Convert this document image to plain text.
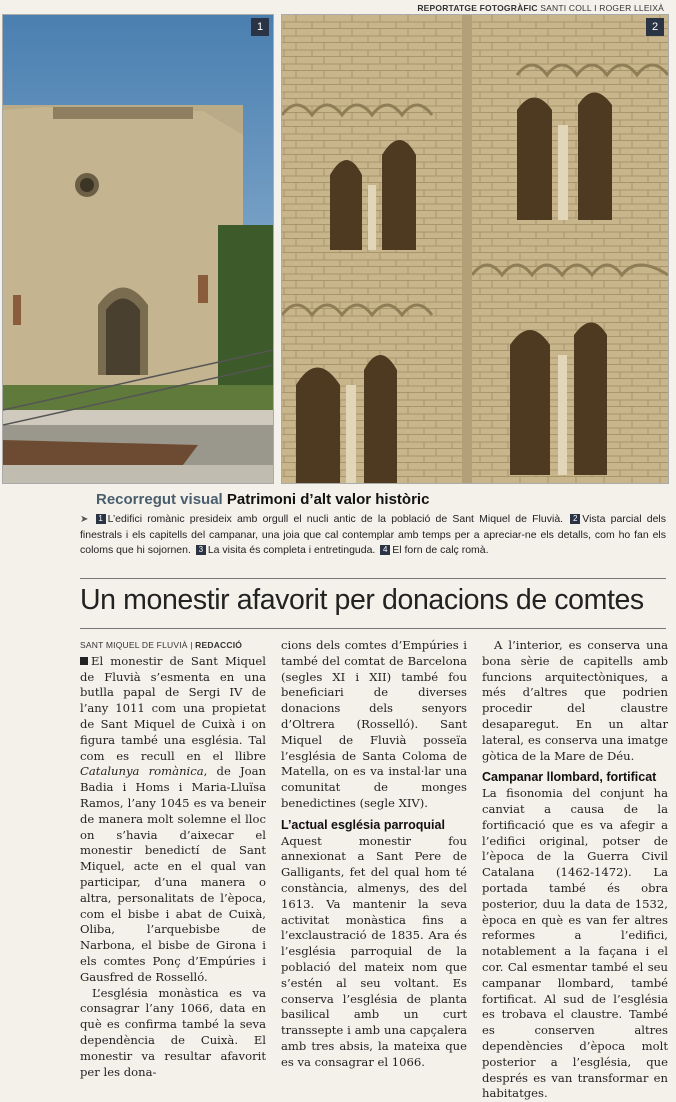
REPORTATGE FOTOGRÀFIC SANTI COLL I ROGER LLEIXÀ
1	2
Recorregut visual Patrimoni d’alt valor històric
➤ 1 L’edifici romànic presideix amb orgull el nucli antic de la població de Sant Miquel de Fluvià. 2 Vista parcial dels finestrals i els capitells del campanar, una joia que cal contemplar amb temps per a apreciar-ne els detalls, com ho fan els coloms que hi sojornen. 3 La visita és completa i entretinguda. 4 El forn de calç romà.
Un monestir afavorit per donacions de comtes
SANT MIQUEL DE FLUVIÀ | REDACCIÓ

El monestir de Sant Miquel de Fluvià s’esmenta en una butlla papal de Sergi IV de l’any 1011 com una propietat de Sant Miquel de Cuixà i on figura també una església. Tal com es recull en el llibre Catalunya romànica, de Joan Badia i Homs i Maria-Lluïsa Ramos, l’any 1045 es va beneir de manera molt solemne el lloc on s’havia d’aixecar el monestir benedictí de Sant Miquel, acte en el qual van participar, d’una manera o altra, personalitats de l’època, com el bisbe i abat de Cuixà, Oliba, l’arquebisbe de Narbona, el bisbe de Girona i els comtes Ponç d’Empúries i Gausfred de Rosselló.

L’església monàstica es va consagrar l’any 1066, data en què es confirma també la seva dependència de Cuixà. El monestir va resultar afavorit per les dona-

cions dels comtes d’Empúries i també del comtat de Barcelona (segles XI i XII) també fou beneficiari de diverses donacions dels senyors d’Oltrera (Rosselló). Sant Miquel de Fluvià posseïa l’església de Santa Coloma de Matella, on es va instal·lar una comunitat de monges benedictines (segle XIV).

L’actual església parroquial

Aquest monestir fou annexionat a Sant Pere de Galligants, fet del qual hom té constància, almenys, des del 1613. Va mantenir la seva activitat monàstica fins a l’exclaustració de 1835. Ara és l’església parroquial de la població del mateix nom que s’estén al seu voltant. Es conserva l’església de planta basilical amb un curt transsepte i amb una capçalera amb tres absis, la mateixa que es va consagrar el 1066.

A l’interior, es conserva una bona sèrie de capitells amb funcions arquitectòniques, a més d’altres que podrien procedir del claustre desaparegut. En un altar lateral, es conserva una imatge gòtica de la Mare de Déu.

Campanar llombard, fortificat

La fisonomia del conjunt ha canviat a causa de la fortificació que es va afegir a l’edifici original, potser de l’època de la Guerra Civil Catalana (1462-1472). La portada també és obra posterior, duu la data de 1532, època en què es van fer altres reformes a l’edifici, notablement a la façana i el cor. Cal esmentar també el seu campanar llombard, també fortificat. Al sud de l’església es trobava el claustre. També es conserven altres dependències d’època molt posterior a l’església, que després es van transformar en habitatges.
